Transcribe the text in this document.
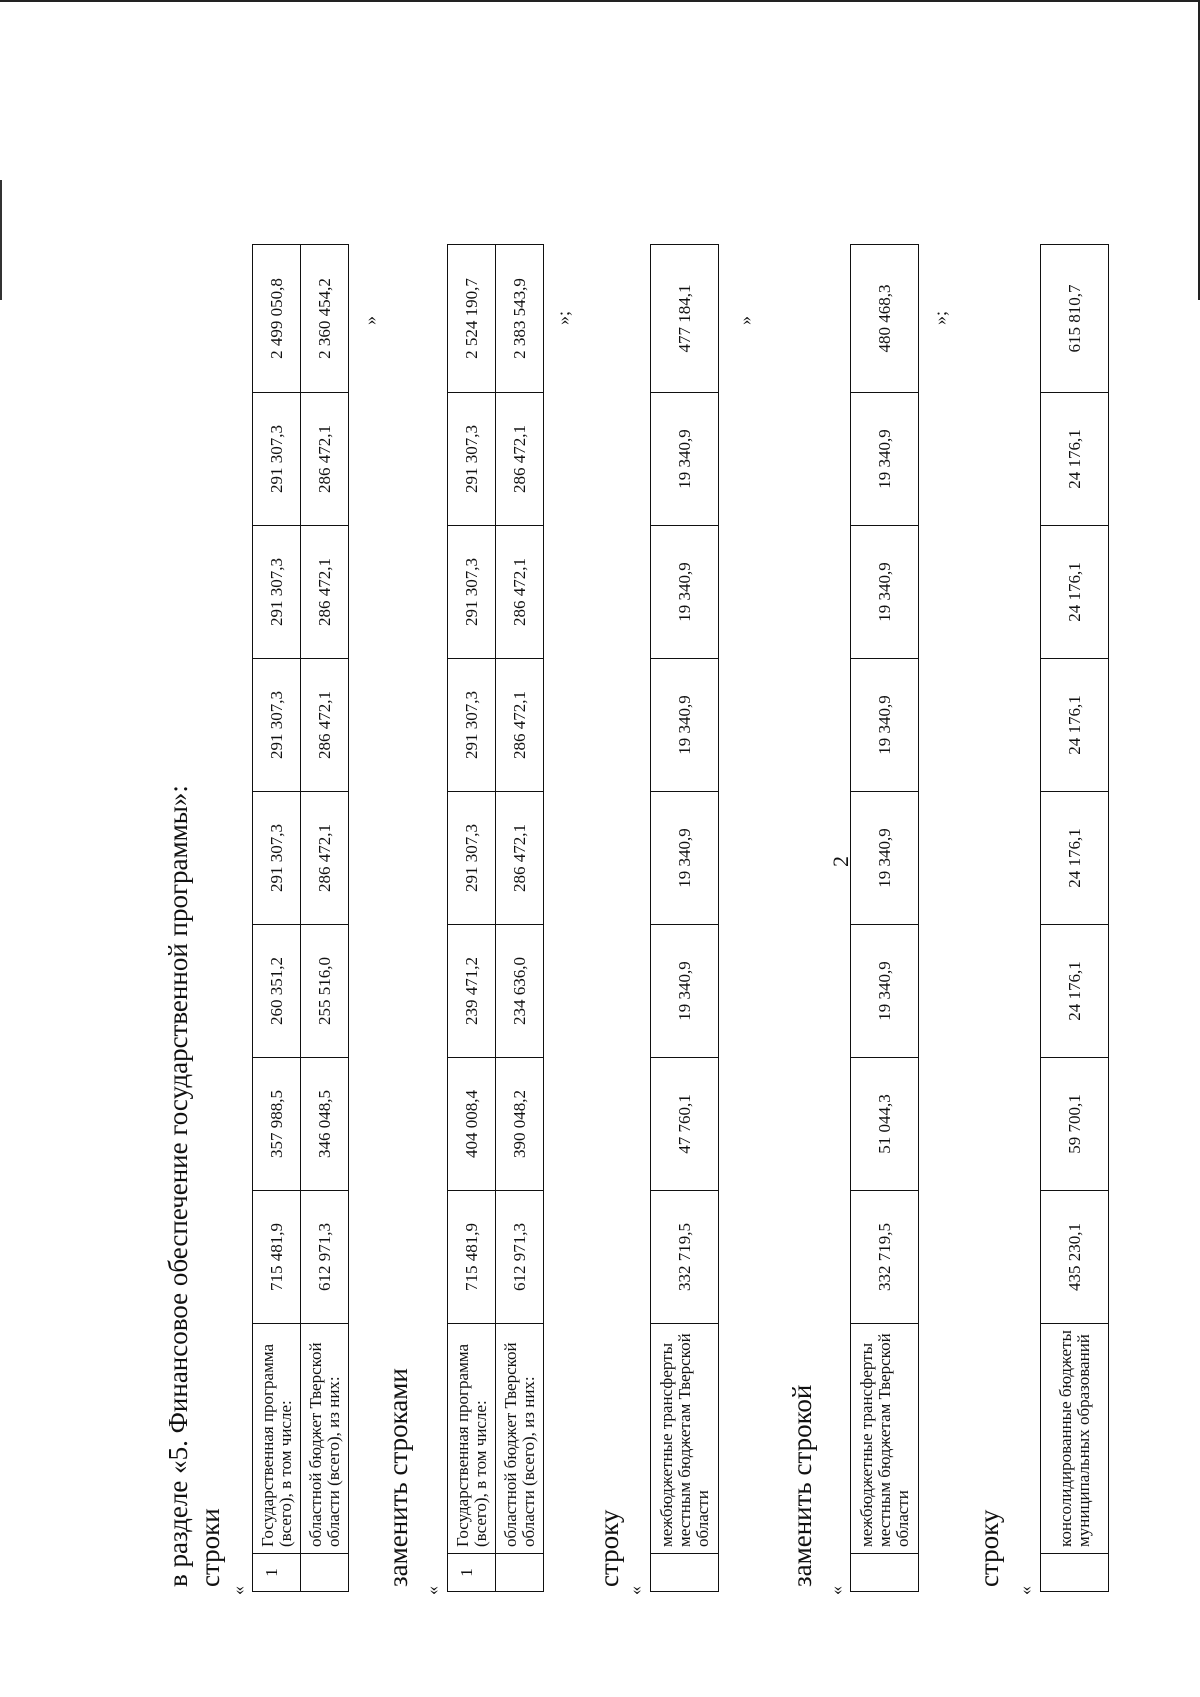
2
в разделе «5. Финансовое обеспечение государственной программы»: строки
«
1	Государственная программа (всего), в том числе:	715 481,9	357 988,5	260 351,2	291 307,3	291 307,3	291 307,3	291 307,3	2 499 050,8
	областной бюджет Тверской области (всего), из них:	612 971,3	346 048,5	255 516,0	286 472,1	286 472,1	286 472,1	286 472,1	2 360 454,2 »
заменить строками
«
1	Государственная программа (всего), в том числе:	715 481,9	404 008,4	239 471,2	291 307,3	291 307,3	291 307,3	291 307,3	2 524 190,7
	областной бюджет Тверской области (всего), из них:	612 971,3	390 048,2	234 636,0	286 472,1	286 472,1	286 472,1	286 472,1	2 383 543,9 »;
строку
«
	межбюджетные трансферты местным бюджетам Тверской области	332 719,5	47 760,1	19 340,9	19 340,9	19 340,9	19 340,9	19 340,9	477 184,1 »
заменить строкой
«
	межбюджетные трансферты местным бюджетам Тверской области	332 719,5	51 044,3	19 340,9	19 340,9	19 340,9	19 340,9	19 340,9	480 468,3 »;
строку
«
	консолидированные бюджеты муниципальных образований	435 230,1	59 700,1	24 176,1	24 176,1	24 176,1	24 176,1	24 176,1	615 810,7
